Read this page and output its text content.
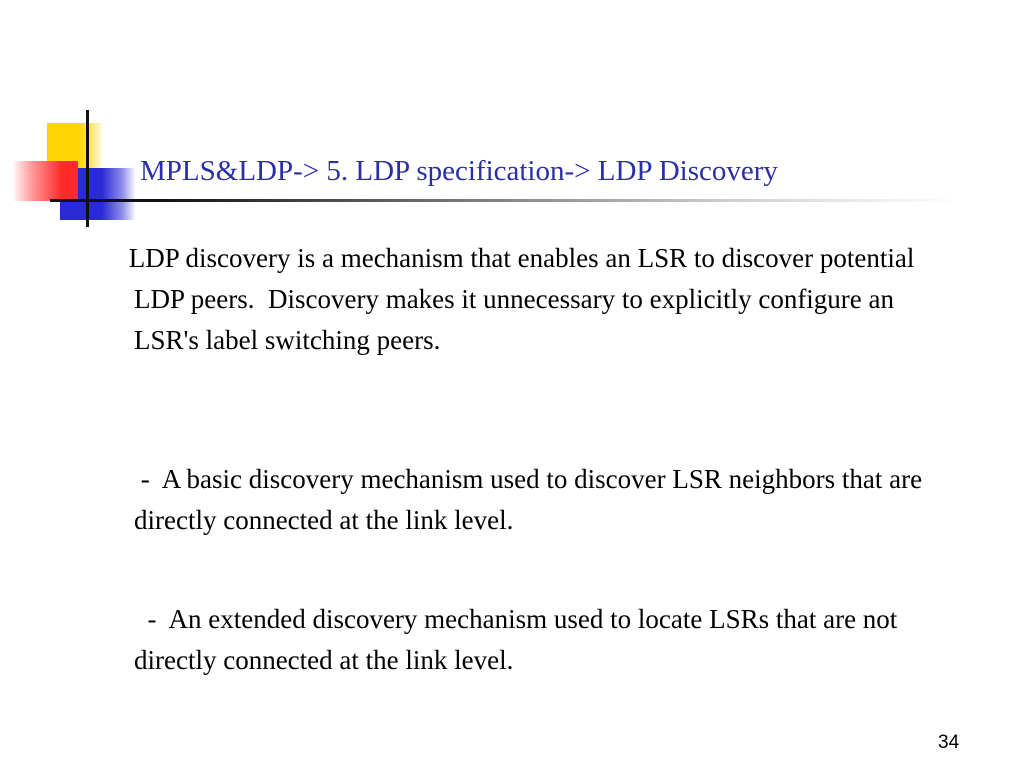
MPLS&LDP-> 5. LDP specification-> LDP Discovery

LDP discovery is a mechanism that enables an LSR to discover potential LDP peers.  Discovery makes it unnecessary to explicitly configure an LSR's label switching peers.

-  A basic discovery mechanism used to discover LSR neighbors that are directly connected at the link level.

-  An extended discovery mechanism used to locate LSRs that are not directly connected at the link level.

34
